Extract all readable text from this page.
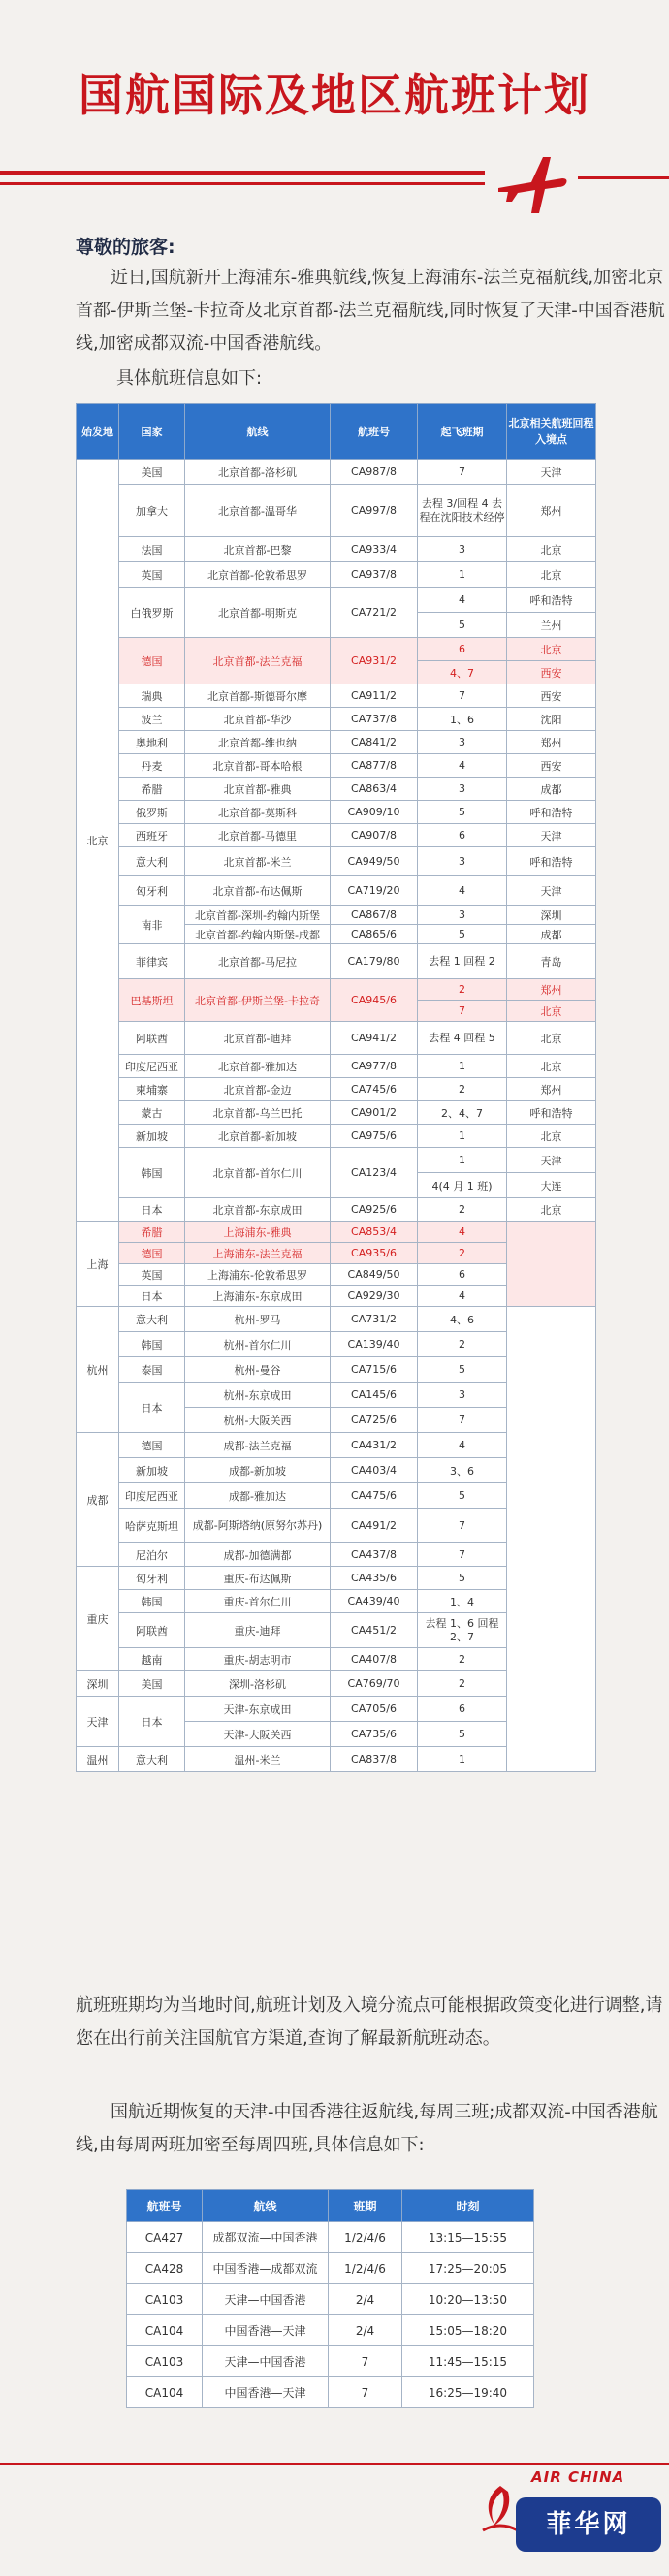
国航国际及地区航班计划
尊敬的旅客:
近日,国航新开上海浦东-雅典航线,恢复上海浦东-法兰克福航线,加密北京首都-伊斯兰堡-卡拉奇及北京首都-法兰克福航线,同时恢复了天津-中国香港航线,加密成都双流-中国香港航线。
具体航班信息如下:
始发地	国家	航线	航班号	起飞班期	北京相关航班回程入境点
北京	美国	北京首都-洛杉矶	CA987/8	7	天津
	加拿大	北京首都-温哥华	CA997/8	去程 3/回程 4 去程在沈阳技术经停	郑州
	法国	北京首都-巴黎	CA933/4	3	北京
	英国	北京首都-伦敦希思罗	CA937/8	1	北京
	白俄罗斯	北京首都-明斯克	CA721/2	4	呼和浩特
				5	兰州
	德国	北京首都-法兰克福	CA931/2	6	北京
				4、7	西安
	瑞典	北京首都-斯德哥尔摩	CA911/2	7	西安
	波兰	北京首都-华沙	CA737/8	1、6	沈阳
	奥地利	北京首都-维也纳	CA841/2	3	郑州
	丹麦	北京首都-哥本哈根	CA877/8	4	西安
	希腊	北京首都-雅典	CA863/4	3	成都
	俄罗斯	北京首都-莫斯科	CA909/10	5	呼和浩特
	西班牙	北京首都-马德里	CA907/8	6	天津
	意大利	北京首都-米兰	CA949/50	3	呼和浩特
	匈牙利	北京首都-布达佩斯	CA719/20	4	天津
	南非	北京首都-深圳-约翰内斯堡	CA867/8	3	深圳
		北京首都-约翰内斯堡-成都	CA865/6	5	成都
	菲律宾	北京首都-马尼拉	CA179/80	去程 1 回程 2	青岛
	巴基斯坦	北京首都-伊斯兰堡-卡拉奇	CA945/6	2	郑州
				7	北京
	阿联酋	北京首都-迪拜	CA941/2	去程 4 回程 5	北京
	印度尼西亚	北京首都-雅加达	CA977/8	1	北京
	柬埔寨	北京首都-金边	CA745/6	2	郑州
	蒙古	北京首都-乌兰巴托	CA901/2	2、4、7	呼和浩特
	新加坡	北京首都-新加坡	CA975/6	1	北京
	韩国	北京首都-首尔仁川	CA123/4	1	天津
				4(4 月 1 班)	大连
	日本	北京首都-东京成田	CA925/6	2	北京
上海	希腊	上海浦东-雅典	CA853/4	4	
	德国	上海浦东-法兰克福	CA935/6	2	
	英国	上海浦东-伦敦希思罗	CA849/50	6	
	日本	上海浦东-东京成田	CA929/30	4	
杭州	意大利	杭州-罗马	CA731/2	4、6	
	韩国	杭州-首尔仁川	CA139/40	2	
	泰国	杭州-曼谷	CA715/6	5	
	日本	杭州-东京成田	CA145/6	3	
		杭州-大阪关西	CA725/6	7	
成都	德国	成都-法兰克福	CA431/2	4	
	新加坡	成都-新加坡	CA403/4	3、6	
	印度尼西亚	成都-雅加达	CA475/6	5	
	哈萨克斯坦	成都-阿斯塔纳(原努尔苏丹)	CA491/2	7	
	尼泊尔	成都-加德满都	CA437/8	7	
重庆	匈牙利	重庆-布达佩斯	CA435/6	5	
	韩国	重庆-首尔仁川	CA439/40	1、4	
	阿联酋	重庆-迪拜	CA451/2	去程 1、6 回程 2、7	
	越南	重庆-胡志明市	CA407/8	2	
深圳	美国	深圳-洛杉矶	CA769/70	2	
天津	日本	天津-东京成田	CA705/6	6	
		天津-大阪关西	CA735/6	5	
温州	意大利	温州-米兰	CA837/8	1	
航班班期均为当地时间,航班计划及入境分流点可能根据政策变化进行调整,请您在出行前关注国航官方渠道,查询了解最新航班动态。
国航近期恢复的天津-中国香港往返航线,每周三班;成都双流-中国香港航线,由每周两班加密至每周四班,具体信息如下:
航班号	航线	班期	时刻
CA427	成都双流—中国香港	1/2/4/6	13:15—15:55
CA428	中国香港—成都双流	1/2/4/6	17:25—20:05
CA103	天津—中国香港	2/4	10:20—13:50
CA104	中国香港—天津	2/4	15:05—18:20
CA103	天津—中国香港	7	11:45—15:15
CA104	中国香港—天津	7	16:25—19:40
AIR CHINA
菲华网
